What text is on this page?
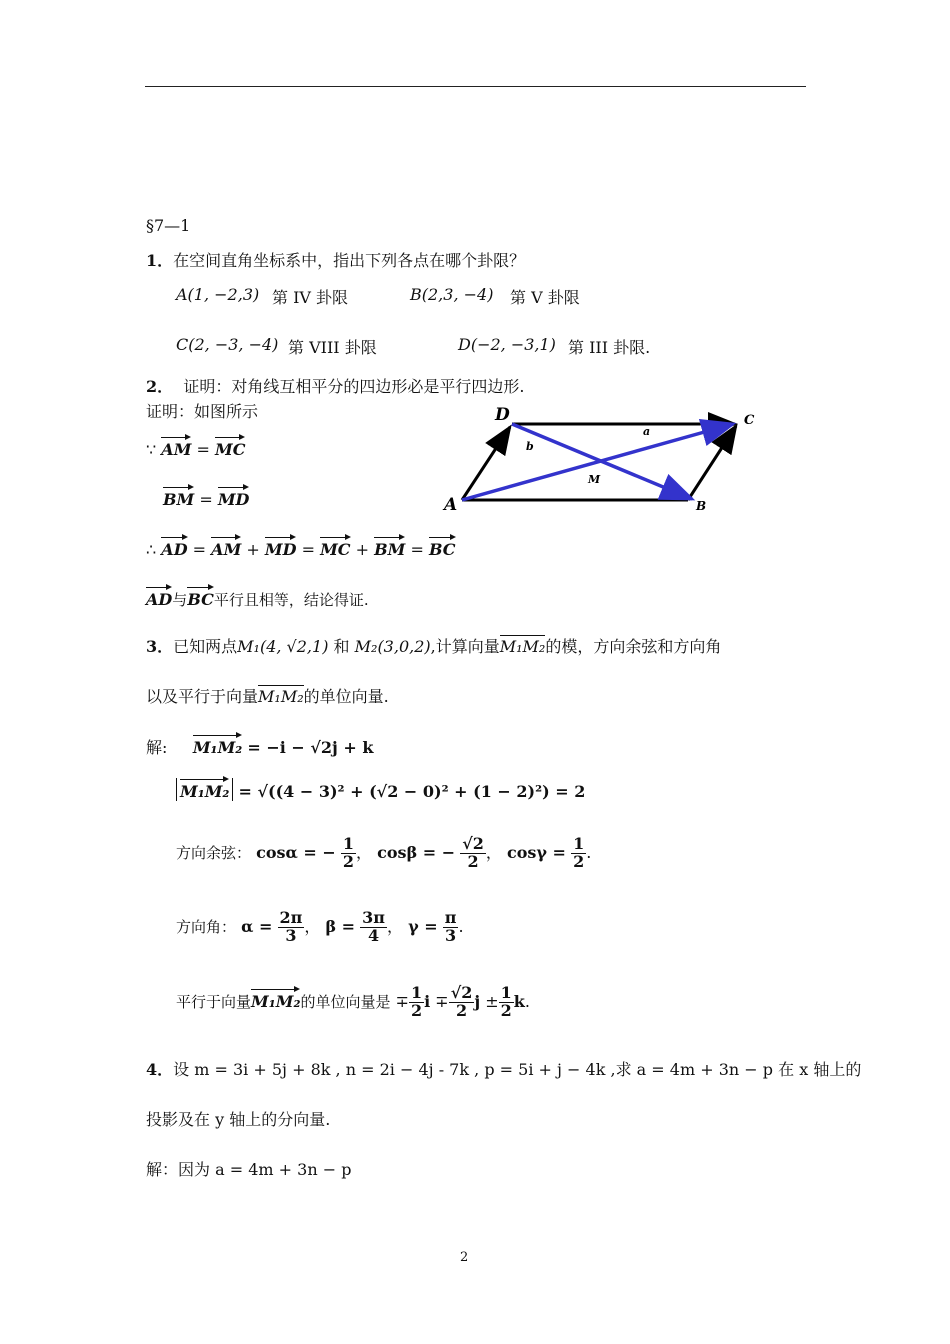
§7—1
1．在空间直角坐标系中，指出下列各点在哪个卦限？
A(1, −2,3) 第 IV 卦限	B(2,3, −4) 第 V 卦限
C(2, −3, −4) 第 VIII 卦限	D(−2, −3,1) 第 III 卦限.
2． 证明：对角线互相平分的四边形必是平行四边形.
证明：如图所示
∵ AM = MC
BM = MD
∴ AD = AM + MD = MC + BM = BC
AD与BC平行且相等，结论得证.
D	C
A	B
M
a
b
3．已知两点M₁(4, √2,1) 和 M₂(3,0,2),计算向量M₁M₂的模，方向余弦和方向角
以及平行于向量M₁M₂的单位向量.
解: M₁M₂ = −i − √2j + k
M₁M₂ = √((4 − 3)² + (√2 − 0)² + (1 − 2)²) = 2
方向余弦： cosα = − $\frac{1}{2}$ ， cosβ = − $\frac{√2}{2}$ ， $\cos\gamma = \frac{1}{2}$ .
方向角： $\alpha = \frac{2\pi}{3}$ ， $\beta = \frac{3\pi}{4}$ ， $\gamma = \frac{\pi}{3}$ .
平行于向量M₁M₂的单位向量是 ∓ $\frac{1}{2}$ $i \mp \frac{√2}{2}$ $j \pm \frac{1}{2} k$.
4．设 m = 3i + 5j + 8k , n = 2i − 4j - 7k , p = 5i + j − 4k ,求 a = 4m + 3n − p 在 x 轴上的
投影及在 y 轴上的分向量.
解：因为 a = 4m + 3n − p
2
